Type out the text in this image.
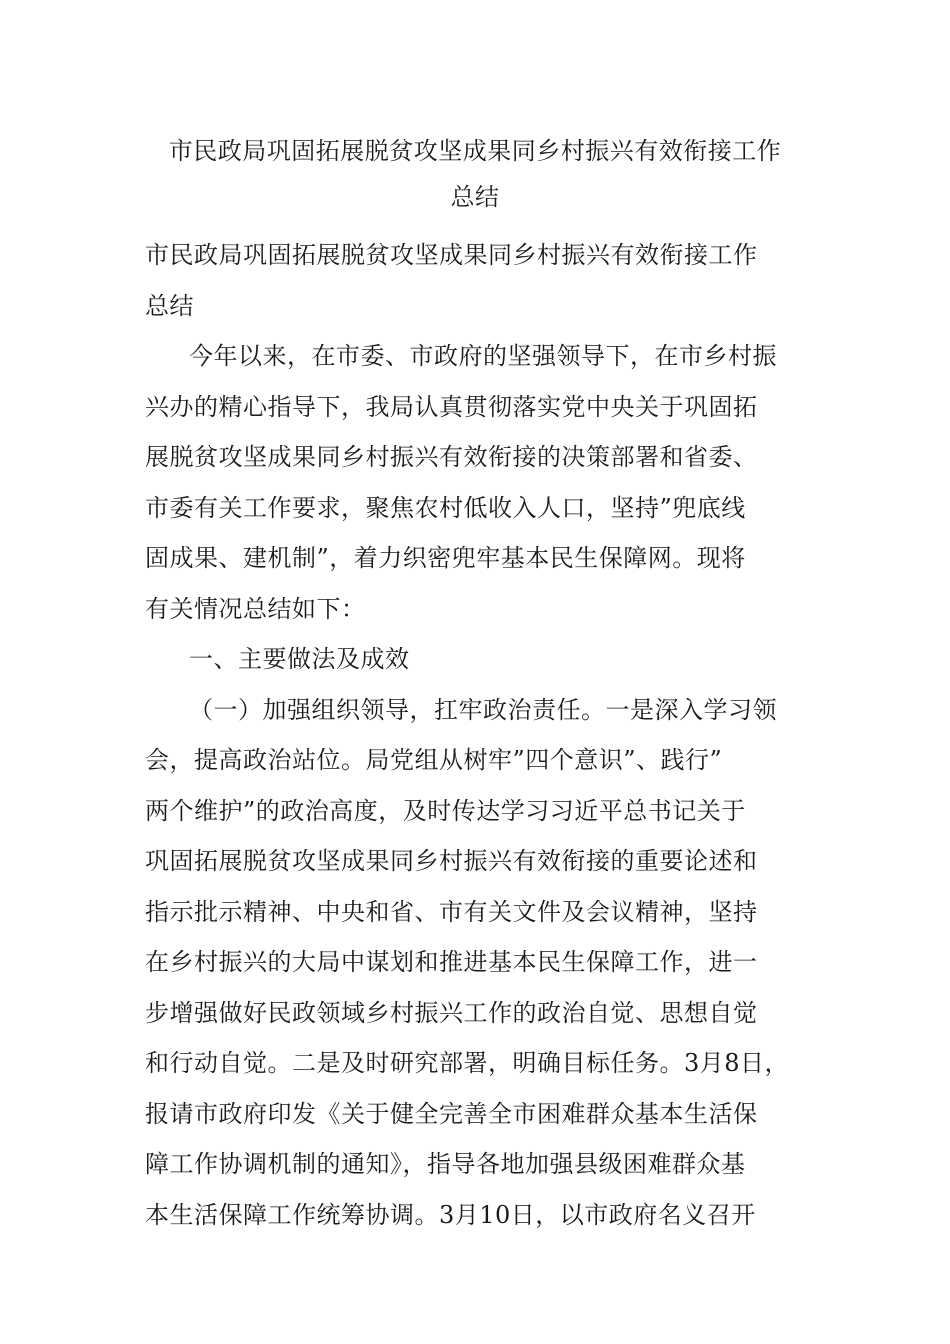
市民政局巩固拓展脱贫攻坚成果同乡村振兴有效衔接工作
总结
市民政局巩固拓展脱贫攻坚成果同乡村振兴有效衔接工作
总结
今年以来，在市委、市政府的坚强领导下，在市乡村振
兴办的精心指导下，我局认真贯彻落实党中央关于巩固拓
展脱贫攻坚成果同乡村振兴有效衔接的决策部署和省委、
市委有关工作要求，聚焦农村低收入人口，坚持”兜底线
固成果、建机制”，着力织密兜牢基本民生保障网。现将
有关情况总结如下：
一、主要做法及成效
（一）加强组织领导，扛牢政治责任。一是深入学习领
会，提高政治站位。局党组从树牢”四个意识”、践行”
两个维护”的政治高度，及时传达学习习近平总书记关于
巩固拓展脱贫攻坚成果同乡村振兴有效衔接的重要论述和
指示批示精神、中央和省、市有关文件及会议精神，坚持
在乡村振兴的大局中谋划和推进基本民生保障工作，进一
步增强做好民政领域乡村振兴工作的政治自觉、思想自觉
和行动自觉。二是及时研究部署，明确目标任务。3月8日，
报请市政府印发《关于健全完善全市困难群众基本生活保
障工作协调机制的通知》，指导各地加强县级困难群众基
本生活保障工作统筹协调。3月10日，以市政府名义召开
